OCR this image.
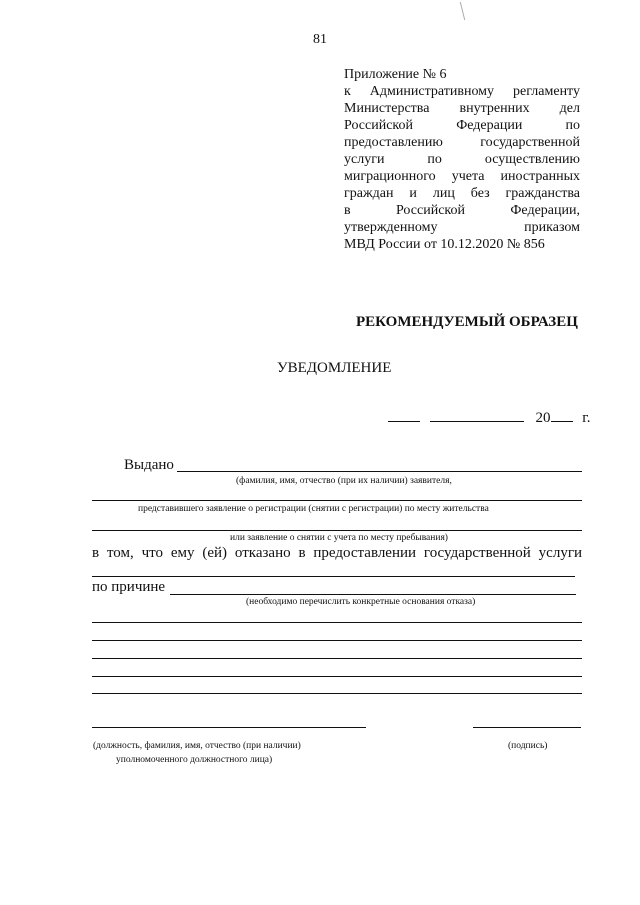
81
Приложение № 6
к Административному регламенту
Министерства внутренних дел
Российской Федерации по
предоставлению государственной
услуги по осуществлению
миграционного учета иностранных
граждан и лиц без гражданства
в Российской Федерации,
утвержденному приказом
МВД России от 10.12.2020 № 856
РЕКОМЕНДУЕМЫЙ ОБРАЗЕЦ
УВЕДОМЛЕНИЕ
20 г.
Выдано
(фамилия, имя, отчество (при их наличии) заявителя,
представившего заявление о регистрации (снятии с регистрации) по месту жительства
или заявление о снятии с учета по месту пребывания)
в том, что ему (ей) отказано в предоставлении государственной услуги
по причине
(необходимо перечислить конкретные основания отказа)
(должность, фамилия, имя, отчество (при наличии)
уполномоченного должностного лица)
(подпись)
